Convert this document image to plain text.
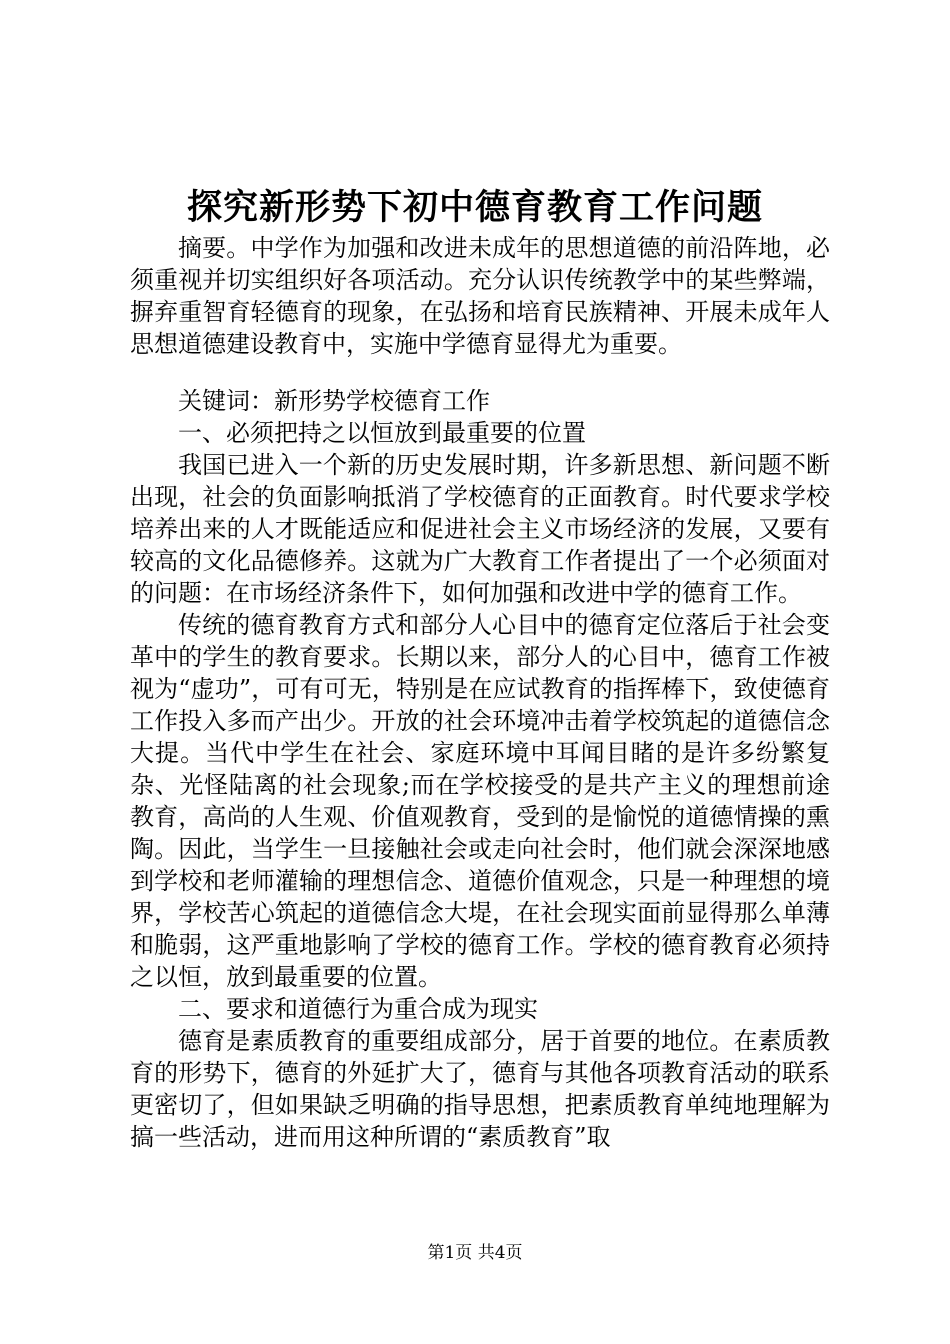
探究新形势下初中德育教育工作问题

摘要。中学作为加强和改进未成年的思想道德的前沿阵地，必须重视并切实组织好各项活动。充分认识传统教学中的某些弊端，摒弃重智育轻德育的现象，在弘扬和培育民族精神、开展未成年人思想道德建设教育中，实施中学德育显得尤为重要。

关键词：新形势学校德育工作

一、必须把持之以恒放到最重要的位置

我国已进入一个新的历史发展时期，许多新思想、新问题不断出现，社会的负面影响抵消了学校德育的正面教育。时代要求学校培养出来的人才既能适应和促进社会主义市场经济的发展，又要有较高的文化品德修养。这就为广大教育工作者提出了一个必须面对的问题：在市场经济条件下，如何加强和改进中学的德育工作。

传统的德育教育方式和部分人心目中的德育定位落后于社会变革中的学生的教育要求。长期以来，部分人的心目中，德育工作被视为“虚功”，可有可无，特别是在应试教育的指挥棒下，致使德育工作投入多而产出少。开放的社会环境冲击着学校筑起的道德信念大提。当代中学生在社会、家庭环境中耳闻目睹的是许多纷繁复杂、光怪陆离的社会现象;而在学校接受的是共产主义的理想前途教育，高尚的人生观、价值观教育，受到的是愉悦的道德情操的熏陶。因此，当学生一旦接触社会或走向社会时，他们就会深深地感到学校和老师灌输的理想信念、道德价值观念，只是一种理想的境界，学校苦心筑起的道德信念大堤，在社会现实面前显得那么单薄和脆弱，这严重地影响了学校的德育工作。学校的德育教育必须持之以恒，放到最重要的位置。

二、要求和道德行为重合成为现实

德育是素质教育的重要组成部分，居于首要的地位。在素质教育的形势下，德育的外延扩大了，德育与其他各项教育活动的联系更密切了，但如果缺乏明确的指导思想，把素质教育单纯地理解为搞一些活动，进而用这种所谓的“素质教育”取

第1页 共4页
